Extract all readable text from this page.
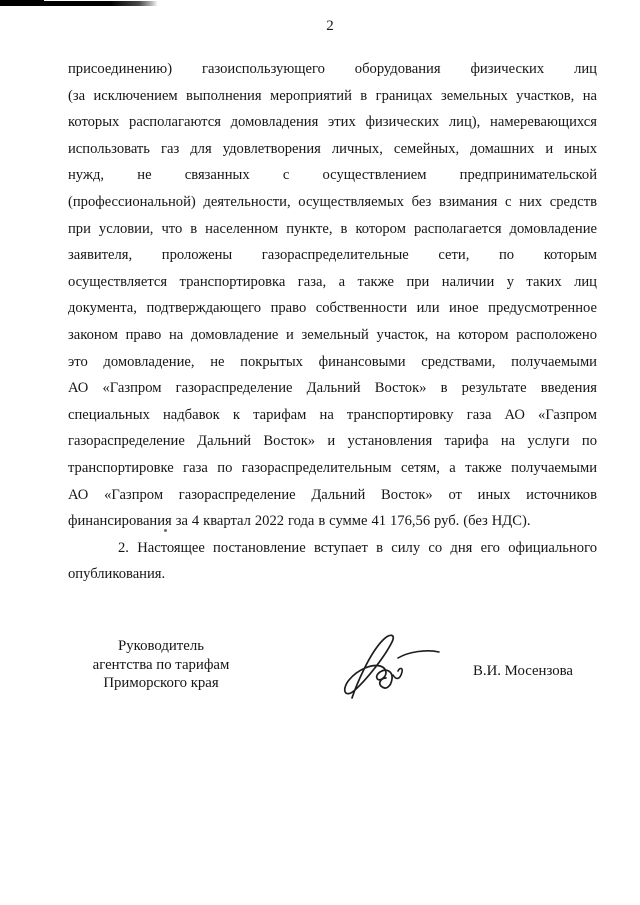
2
присоединению) газоиспользующего оборудования физических лиц
(за исключением выполнения мероприятий в границах земельных участков, на
которых располагаются домовладения этих физических лиц), намеревающихся
использовать газ для удовлетворения личных, семейных, домашних и иных
нужд, не связанных с осуществлением предпринимательской
(профессиональной) деятельности, осуществляемых без взимания с них средств
при условии, что в населенном пункте, в котором располагается домовладение
заявителя, проложены газораспределительные сети, по которым
осуществляется транспортировка газа, а также при наличии у таких лиц
документа, подтверждающего право собственности или иное предусмотренное
законом право на домовладение и земельный участок, на котором расположено
это домовладение, не покрытых финансовыми средствами, получаемыми
АО «Газпром газораспределение Дальний Восток» в результате введения
специальных надбавок к тарифам на транспортировку газа АО «Газпром
газораспределение Дальний Восток» и установления тарифа на услуги по
транспортировке газа по газораспределительным сетям, а также получаемыми
АО «Газпром газораспределение Дальний Восток» от иных источников
финансирования за 4 квартал 2022 года в сумме 41 176,56 руб. (без НДС).
2. Настоящее постановление вступает в силу со дня его официального
опубликования.
Руководитель
агентства по тарифам
Приморского края
В.И. Мосензова
